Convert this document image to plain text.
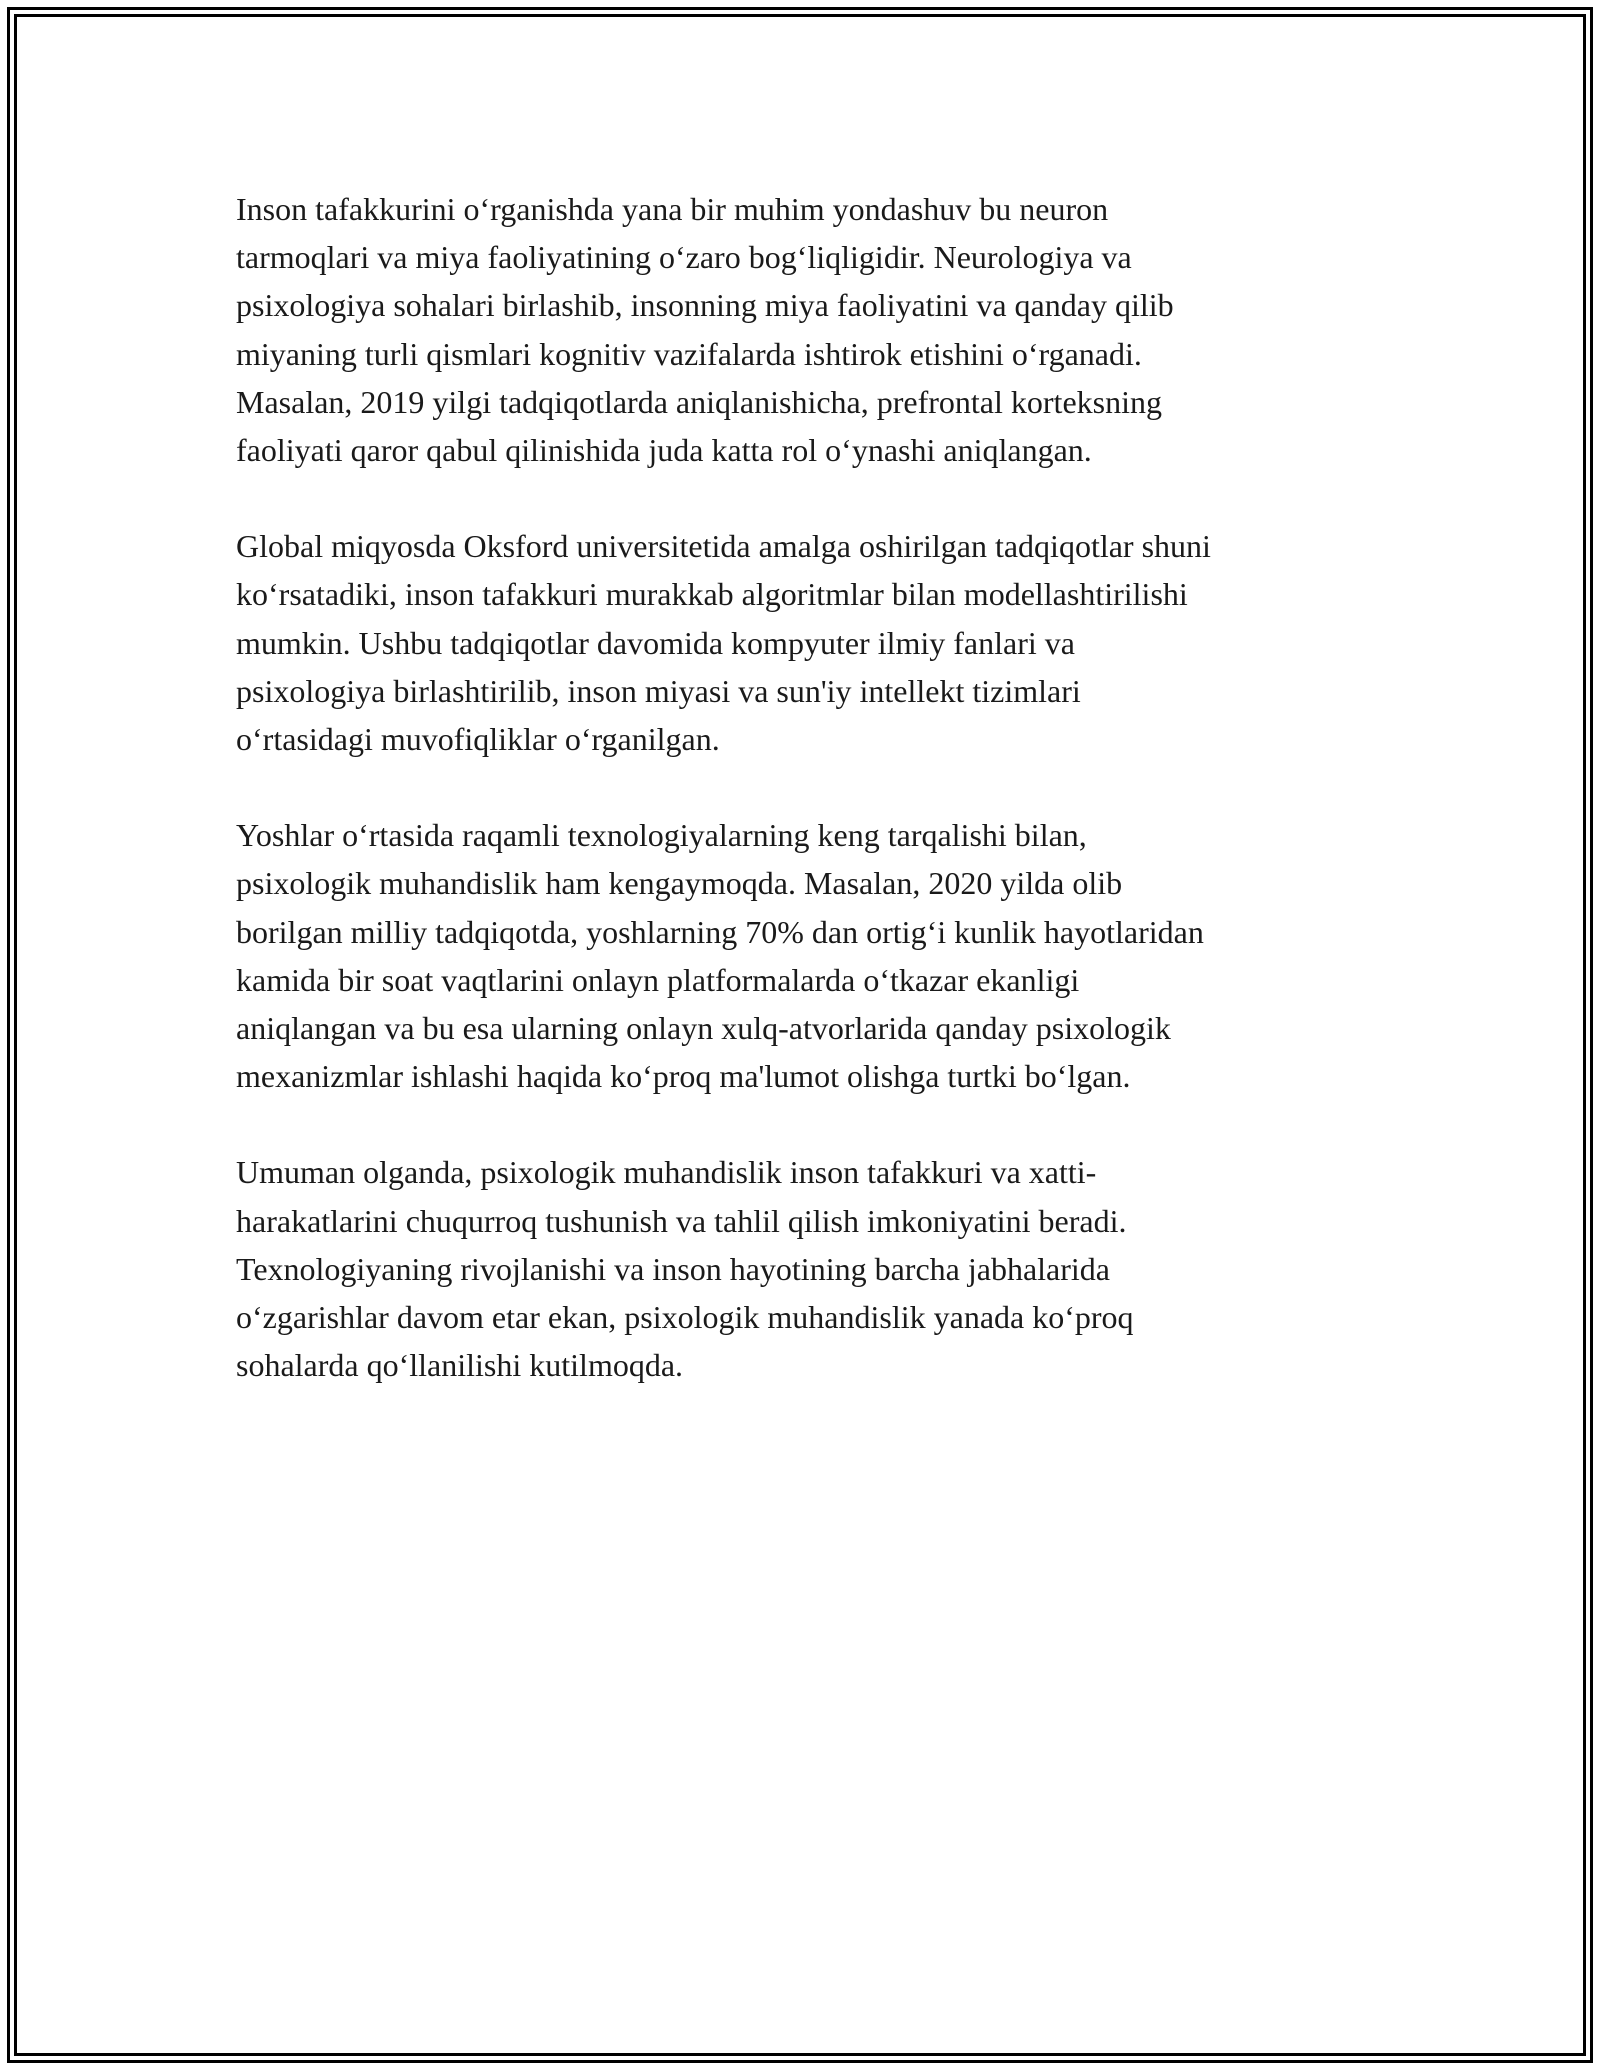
Inson tafakkurini o‘rganishda yana bir muhim yondashuv bu neuron
tarmoqlari va miya faoliyatining o‘zaro bog‘liqligidir. Neurologiya va
psixologiya sohalari birlashib, insonning miya faoliyatini va qanday qilib
miyaning turli qismlari kognitiv vazifalarda ishtirok etishini o‘rganadi.
Masalan, 2019 yilgi tadqiqotlarda aniqlanishicha, prefrontal korteksning
faoliyati qaror qabul qilinishida juda katta rol o‘ynashi aniqlangan.

Global miqyosda Oksford universitetida amalga oshirilgan tadqiqotlar shuni
ko‘rsatadiki, inson tafakkuri murakkab algoritmlar bilan modellashtirilishi
mumkin. Ushbu tadqiqotlar davomida kompyuter ilmiy fanlari va
psixologiya birlashtirilib, inson miyasi va sun'iy intellekt tizimlari
o‘rtasidagi muvofiqliklar o‘rganilgan.

Yoshlar o‘rtasida raqamli texnologiyalarning keng tarqalishi bilan,
psixologik muhandislik ham kengaymoqda. Masalan, 2020 yilda olib
borilgan milliy tadqiqotda, yoshlarning 70% dan ortig‘i kunlik hayotlaridan
kamida bir soat vaqtlarini onlayn platformalarda o‘tkazar ekanligi
aniqlangan va bu esa ularning onlayn xulq-atvorlarida qanday psixologik
mexanizmlar ishlashi haqida ko‘proq ma'lumot olishga turtki bo‘lgan.

Umuman olganda, psixologik muhandislik inson tafakkuri va xatti-
harakatlarini chuqurroq tushunish va tahlil qilish imkoniyatini beradi.
Texnologiyaning rivojlanishi va inson hayotining barcha jabhalarida
o‘zgarishlar davom etar ekan, psixologik muhandislik yanada ko‘proq
sohalarda qo‘llanilishi kutilmoqda.
